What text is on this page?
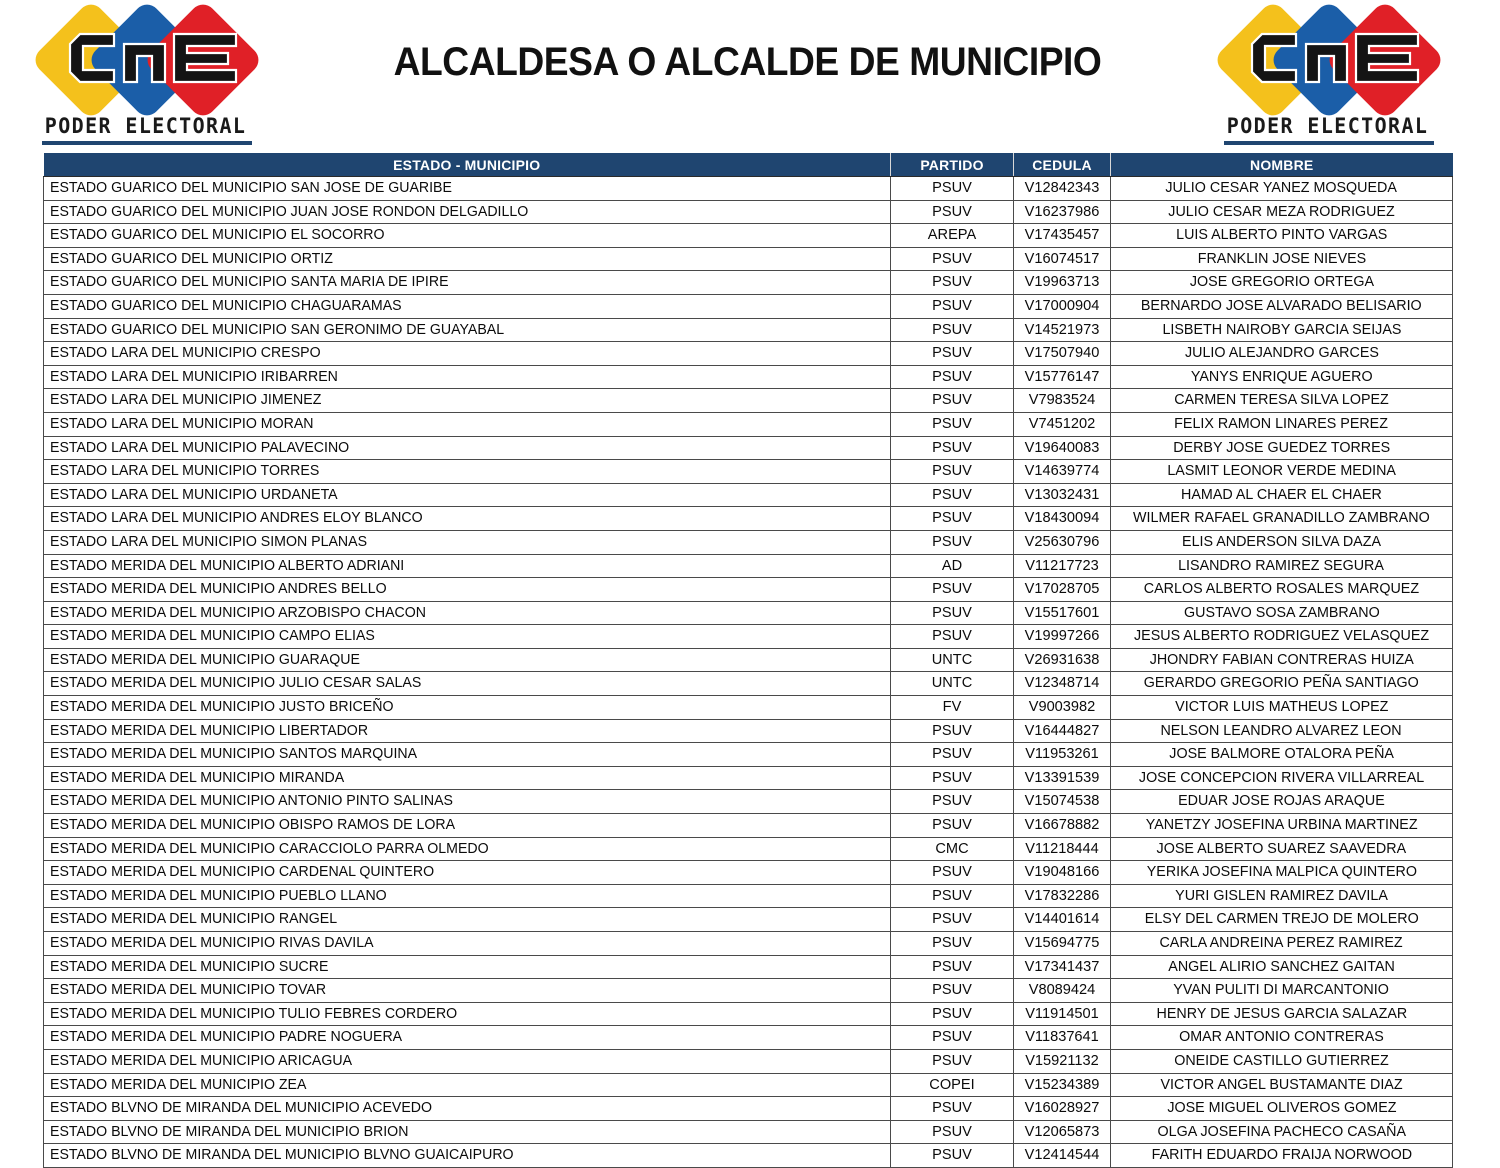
PODER ELECTORAL
ALCALDESA O ALCALDE DE MUNICIPIO
PODER ELECTORAL
ESTADO - MUNICIPIO	PARTIDO	CEDULA	NOMBRE
ESTADO GUARICO DEL MUNICIPIO SAN JOSE DE GUARIBE	PSUV	V12842343	JULIO CESAR YANEZ MOSQUEDA
ESTADO GUARICO DEL MUNICIPIO JUAN JOSE RONDON DELGADILLO	PSUV	V16237986	JULIO CESAR MEZA RODRIGUEZ
ESTADO GUARICO DEL MUNICIPIO EL SOCORRO	AREPA	V17435457	LUIS ALBERTO PINTO VARGAS
ESTADO GUARICO DEL MUNICIPIO ORTIZ	PSUV	V16074517	FRANKLIN JOSE NIEVES
ESTADO GUARICO DEL MUNICIPIO SANTA MARIA DE IPIRE	PSUV	V19963713	JOSE GREGORIO ORTEGA
ESTADO GUARICO DEL MUNICIPIO CHAGUARAMAS	PSUV	V17000904	BERNARDO JOSE ALVARADO BELISARIO
ESTADO GUARICO DEL MUNICIPIO SAN GERONIMO DE GUAYABAL	PSUV	V14521973	LISBETH NAIROBY GARCIA SEIJAS
ESTADO LARA DEL MUNICIPIO CRESPO	PSUV	V17507940	JULIO ALEJANDRO GARCES
ESTADO LARA DEL MUNICIPIO IRIBARREN	PSUV	V15776147	YANYS ENRIQUE AGUERO
ESTADO LARA DEL MUNICIPIO JIMENEZ	PSUV	V7983524	CARMEN TERESA SILVA LOPEZ
ESTADO LARA DEL MUNICIPIO MORAN	PSUV	V7451202	FELIX RAMON LINARES PEREZ
ESTADO LARA DEL MUNICIPIO PALAVECINO	PSUV	V19640083	DERBY JOSE GUEDEZ TORRES
ESTADO LARA DEL MUNICIPIO TORRES	PSUV	V14639774	LASMIT LEONOR VERDE MEDINA
ESTADO LARA DEL MUNICIPIO URDANETA	PSUV	V13032431	HAMAD AL CHAER EL CHAER
ESTADO LARA DEL MUNICIPIO ANDRES ELOY BLANCO	PSUV	V18430094	WILMER RAFAEL GRANADILLO ZAMBRANO
ESTADO LARA DEL MUNICIPIO SIMON PLANAS	PSUV	V25630796	ELIS ANDERSON SILVA DAZA
ESTADO MERIDA DEL MUNICIPIO ALBERTO ADRIANI	AD	V11217723	LISANDRO RAMIREZ SEGURA
ESTADO MERIDA DEL MUNICIPIO ANDRES BELLO	PSUV	V17028705	CARLOS ALBERTO ROSALES MARQUEZ
ESTADO MERIDA DEL MUNICIPIO ARZOBISPO CHACON	PSUV	V15517601	GUSTAVO SOSA ZAMBRANO
ESTADO MERIDA DEL MUNICIPIO CAMPO ELIAS	PSUV	V19997266	JESUS ALBERTO RODRIGUEZ VELASQUEZ
ESTADO MERIDA DEL MUNICIPIO GUARAQUE	UNTC	V26931638	JHONDRY FABIAN CONTRERAS HUIZA
ESTADO MERIDA DEL MUNICIPIO JULIO CESAR SALAS	UNTC	V12348714	GERARDO GREGORIO PEÑA SANTIAGO
ESTADO MERIDA DEL MUNICIPIO JUSTO BRICEÑO	FV	V9003982	VICTOR LUIS MATHEUS LOPEZ
ESTADO MERIDA DEL MUNICIPIO LIBERTADOR	PSUV	V16444827	NELSON LEANDRO ALVAREZ LEON
ESTADO MERIDA DEL MUNICIPIO SANTOS MARQUINA	PSUV	V11953261	JOSE BALMORE OTALORA PEÑA
ESTADO MERIDA DEL MUNICIPIO MIRANDA	PSUV	V13391539	JOSE CONCEPCION RIVERA VILLARREAL
ESTADO MERIDA DEL MUNICIPIO ANTONIO PINTO SALINAS	PSUV	V15074538	EDUAR JOSE ROJAS ARAQUE
ESTADO MERIDA DEL MUNICIPIO OBISPO RAMOS DE LORA	PSUV	V16678882	YANETZY JOSEFINA URBINA MARTINEZ
ESTADO MERIDA DEL MUNICIPIO CARACCIOLO PARRA OLMEDO	CMC	V11218444	JOSE ALBERTO SUAREZ SAAVEDRA
ESTADO MERIDA DEL MUNICIPIO CARDENAL QUINTERO	PSUV	V19048166	YERIKA JOSEFINA MALPICA QUINTERO
ESTADO MERIDA DEL MUNICIPIO PUEBLO LLANO	PSUV	V17832286	YURI GISLEN RAMIREZ DAVILA
ESTADO MERIDA DEL MUNICIPIO RANGEL	PSUV	V14401614	ELSY DEL CARMEN TREJO DE MOLERO
ESTADO MERIDA DEL MUNICIPIO RIVAS DAVILA	PSUV	V15694775	CARLA ANDREINA PEREZ RAMIREZ
ESTADO MERIDA DEL MUNICIPIO SUCRE	PSUV	V17341437	ANGEL ALIRIO SANCHEZ GAITAN
ESTADO MERIDA DEL MUNICIPIO TOVAR	PSUV	V8089424	YVAN PULITI DI MARCANTONIO
ESTADO MERIDA DEL MUNICIPIO TULIO FEBRES CORDERO	PSUV	V11914501	HENRY DE JESUS GARCIA SALAZAR
ESTADO MERIDA DEL MUNICIPIO PADRE NOGUERA	PSUV	V11837641	OMAR ANTONIO CONTRERAS
ESTADO MERIDA DEL MUNICIPIO ARICAGUA	PSUV	V15921132	ONEIDE CASTILLO GUTIERREZ
ESTADO MERIDA DEL MUNICIPIO ZEA	COPEI	V15234389	VICTOR ANGEL BUSTAMANTE DIAZ
ESTADO BLVNO DE MIRANDA DEL MUNICIPIO ACEVEDO	PSUV	V16028927	JOSE MIGUEL OLIVEROS GOMEZ
ESTADO BLVNO DE MIRANDA DEL MUNICIPIO BRION	PSUV	V12065873	OLGA JOSEFINA PACHECO CASAÑA
ESTADO BLVNO DE MIRANDA DEL MUNICIPIO BLVNO GUAICAIPURO	PSUV	V12414544	FARITH EDUARDO FRAIJA NORWOOD
